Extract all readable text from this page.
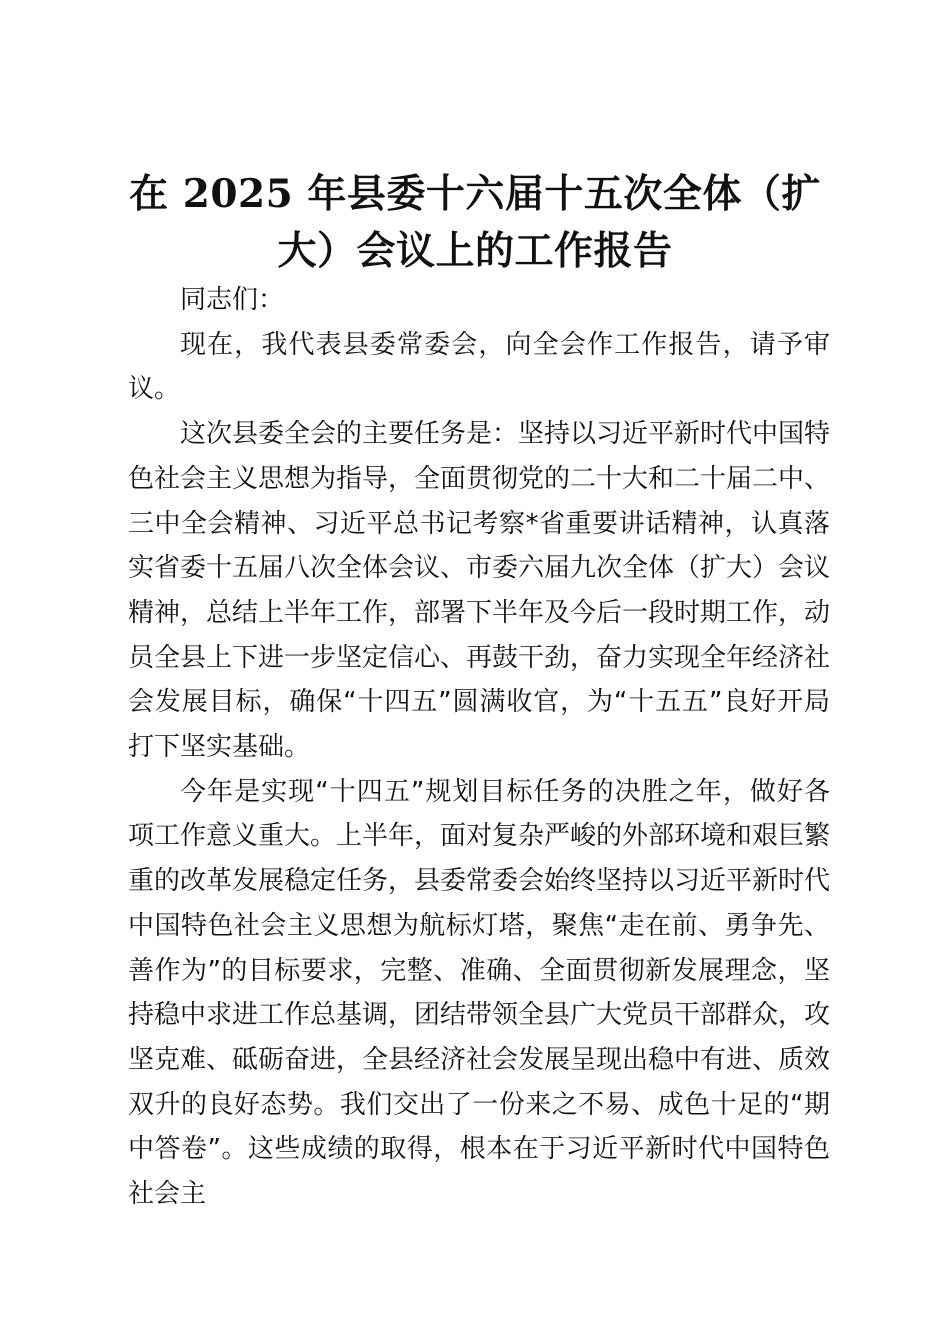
在 2025 年县委十六届十五次全体（扩
大）会议上的工作报告

同志们：

现在，我代表县委常委会，向全会作工作报告，请予审议。

这次县委全会的主要任务是：坚持以习近平新时代中国特色社会主义思想为指导，全面贯彻党的二十大和二十届二中、三中全会精神、习近平总书记考察*省重要讲话精神，认真落实省委十五届八次全体会议、市委六届九次全体（扩大）会议精神，总结上半年工作，部署下半年及今后一段时期工作，动员全县上下进一步坚定信心、再鼓干劲，奋力实现全年经济社会发展目标，确保“十四五”圆满收官，为“十五五”良好开局打下坚实基础。

今年是实现“十四五”规划目标任务的决胜之年，做好各项工作意义重大。上半年，面对复杂严峻的外部环境和艰巨繁重的改革发展稳定任务，县委常委会始终坚持以习近平新时代中国特色社会主义思想为航标灯塔，聚焦“走在前、勇争先、善作为”的目标要求，完整、准确、全面贯彻新发展理念，坚持稳中求进工作总基调，团结带领全县广大党员干部群众，攻坚克难、砥砺奋进，全县经济社会发展呈现出稳中有进、质效双升的良好态势。我们交出了一份来之不易、成色十足的“期中答卷”。这些成绩的取得，根本在于习近平新时代中国特色社会主
